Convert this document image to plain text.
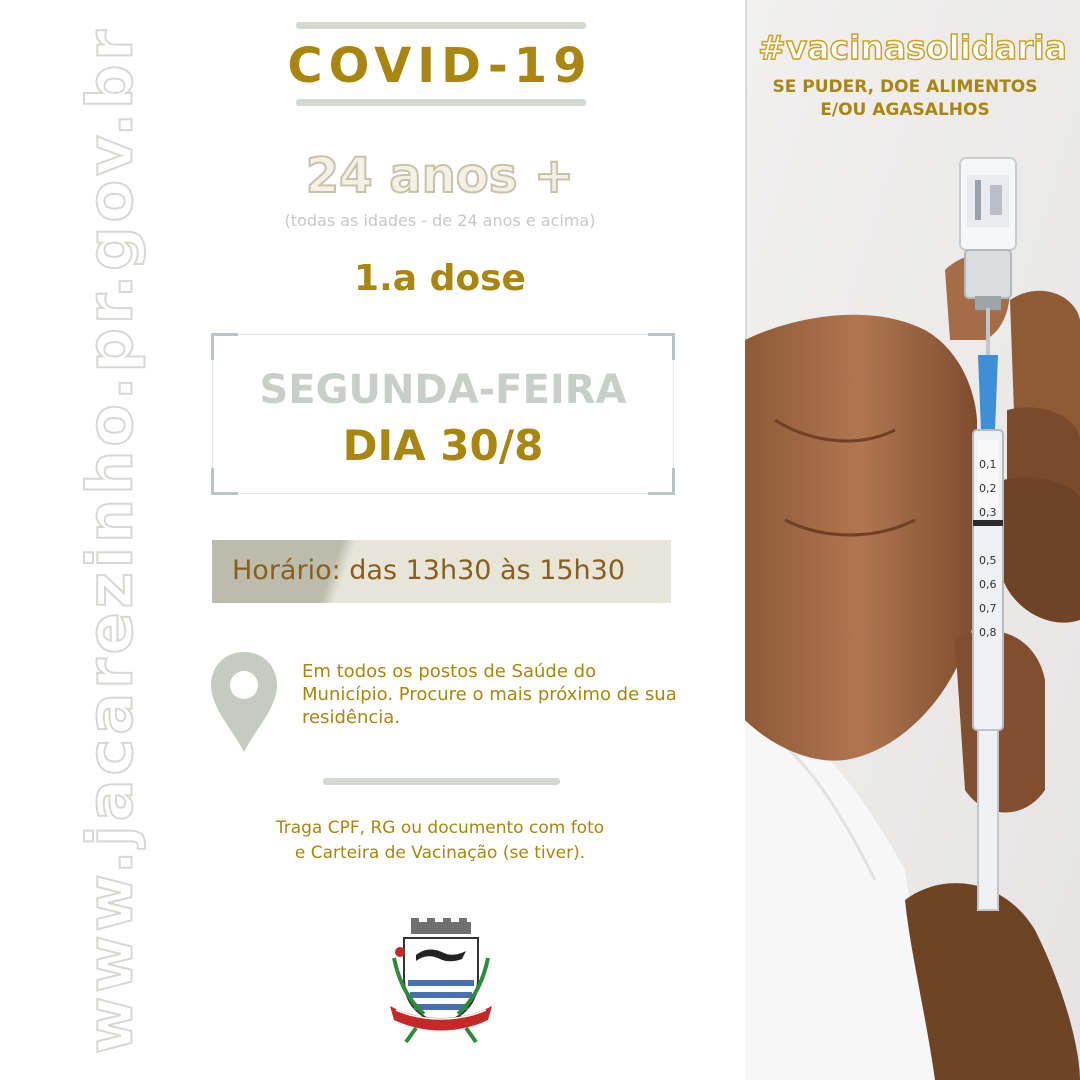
www.jacarezinho.pr.gov.br	COVID-19
24 anos +
(todas as idades - de 24 anos e acima)
1.a dose
SEGUNDA-FEIRA
DIA 30/8
Horário: das 13h30 às 15h30
Em todos os postos de Saúde do Município. Procure o mais próximo de sua residência.
Traga CPF, RG ou documento com foto
e Carteira de Vacinação (se tiver).
0,1
0,2
0,3
0,5
0,6
0,7
0,8
#vacinasolidaria
SE PUDER, DOE ALIMENTOS
E/OU AGASALHOS
